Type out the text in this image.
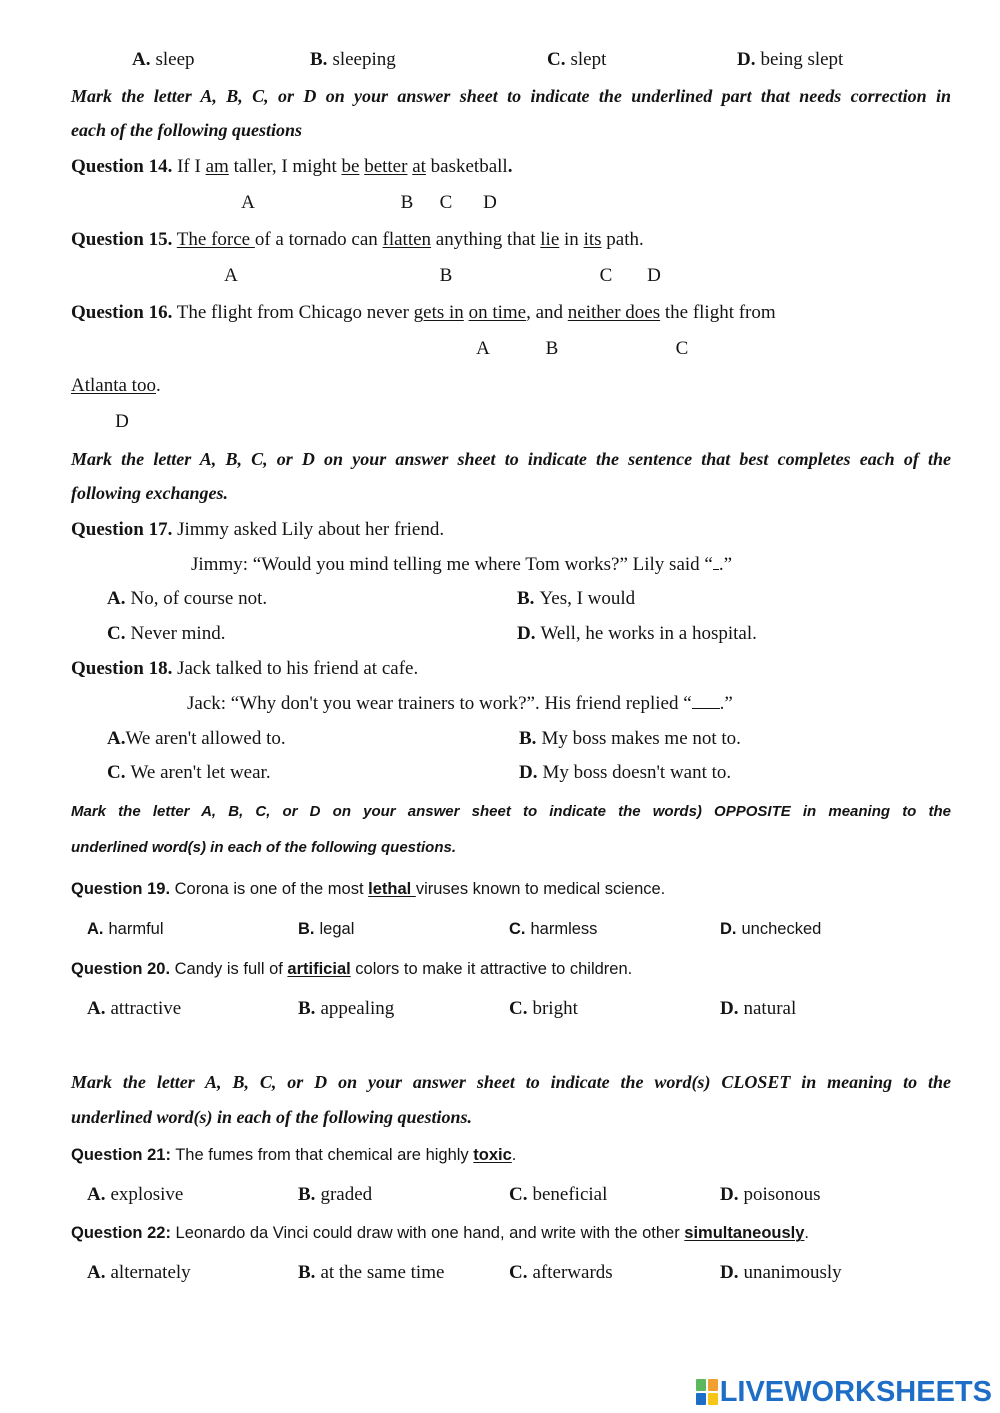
A. sleep	B. sleeping	C. slept	D. being slept
Mark the letter A, B, C, or D on your answer sheet to indicate the underlined part that needs correction in
each of the following questions
Question 14. If I am taller, I might be better at basketball.
A	B C D
Question 15. The force of a tornado can flatten anything that lie in its path.
A	B	C D
Question 16. The flight from Chicago never gets in on time, and neither does the flight from
A	B	C
Atlanta too.
D
Mark the letter A, B, C, or D on your answer sheet to indicate the sentence that best completes each of the
following exchanges.
Question 17. Jimmy asked Lily about her friend.
Jimmy: “Would you mind telling me where Tom works?” Lily said “ .”
A. No, of course not.	B. Yes, I would
C. Never mind.	D. Well, he works in a hospital.
Question 18. Jack talked to his friend at cafe.
Jack: “Why don't you wear trainers to work?”. His friend replied “ .”
A.We aren't allowed to.	B. My boss makes me not to.
C. We aren't let wear.	D. My boss doesn't want to.
Mark the letter A, B, C, or D on your answer sheet to indicate the words) OPPOSITE in meaning to the
underlined word(s) in each of the following questions.
Question 19. Corona is one of the most lethal viruses known to medical science.
A. harmful	B. legal	C. harmless	D. unchecked
Question 20. Candy is full of artificial colors to make it attractive to children.
A. attractive	B. appealing	C. bright	D. natural
Mark the letter A, B, C, or D on your answer sheet to indicate the word(s) CLOSET in meaning to the
underlined word(s) in each of the following questions.
Question 21: The fumes from that chemical are highly toxic.
A. explosive	B. graded	C. beneficial	D. poisonous
Question 22: Leonardo da Vinci could draw with one hand, and write with the other simultaneously.
A. alternately	B. at the same time	C. afterwards	D. unanimously
LIVEWORKSHEETS
